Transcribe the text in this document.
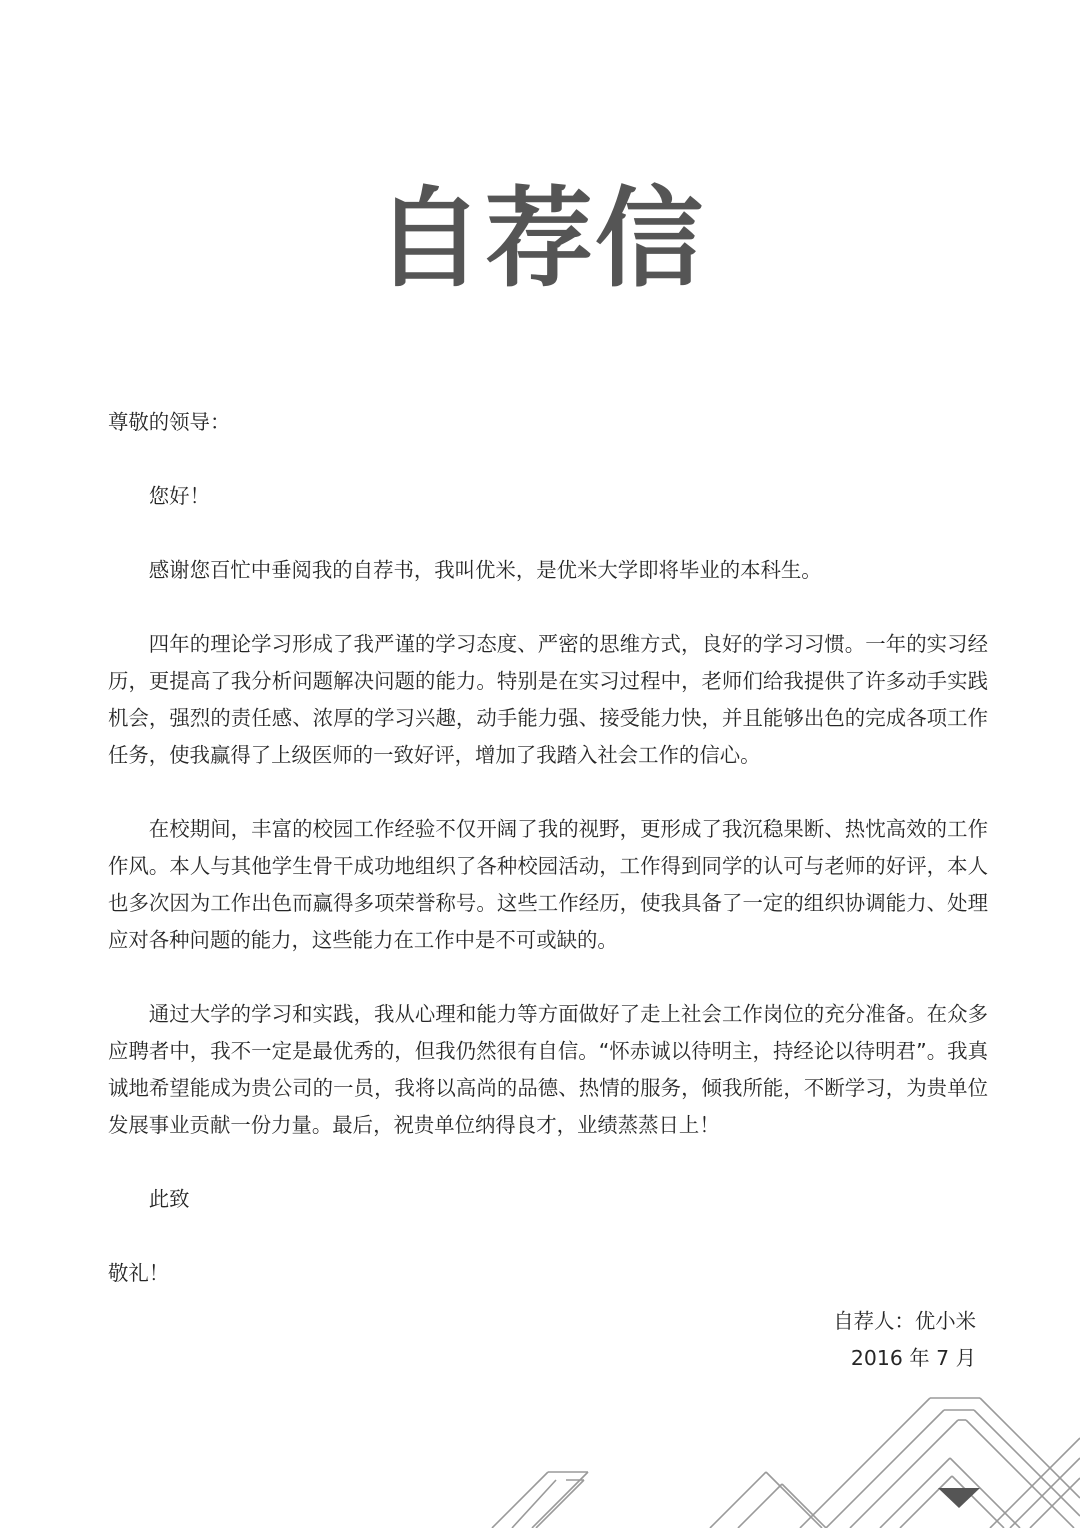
自荐信

尊敬的领导：

您好！

感谢您百忙中垂阅我的自荐书，我叫优米，是优米大学即将毕业的本科生。

四年的理论学习形成了我严谨的学习态度、严密的思维方式，良好的学习习惯。一年的实习经历，更提高了我分析问题解决问题的能力。特别是在实习过程中，老师们给我提供了许多动手实践机会，强烈的责任感、浓厚的学习兴趣，动手能力强、接受能力快，并且能够出色的完成各项工作任务，使我赢得了上级医师的一致好评，增加了我踏入社会工作的信心。

在校期间，丰富的校园工作经验不仅开阔了我的视野，更形成了我沉稳果断、热忱高效的工作作风。本人与其他学生骨干成功地组织了各种校园活动，工作得到同学的认可与老师的好评，本人也多次因为工作出色而赢得多项荣誉称号。这些工作经历，使我具备了一定的组织协调能力、处理应对各种问题的能力，这些能力在工作中是不可或缺的。

通过大学的学习和实践，我从心理和能力等方面做好了走上社会工作岗位的充分准备。在众多应聘者中，我不一定是最优秀的，但我仍然很有自信。“怀赤诚以待明主，持经论以待明君”。我真诚地希望能成为贵公司的一员，我将以高尚的品德、热情的服务，倾我所能，不断学习，为贵单位发展事业贡献一份力量。最后，祝贵单位纳得良才，业绩蒸蒸日上！

此致

敬礼！

自荐人：优小米
2016 年 7 月
